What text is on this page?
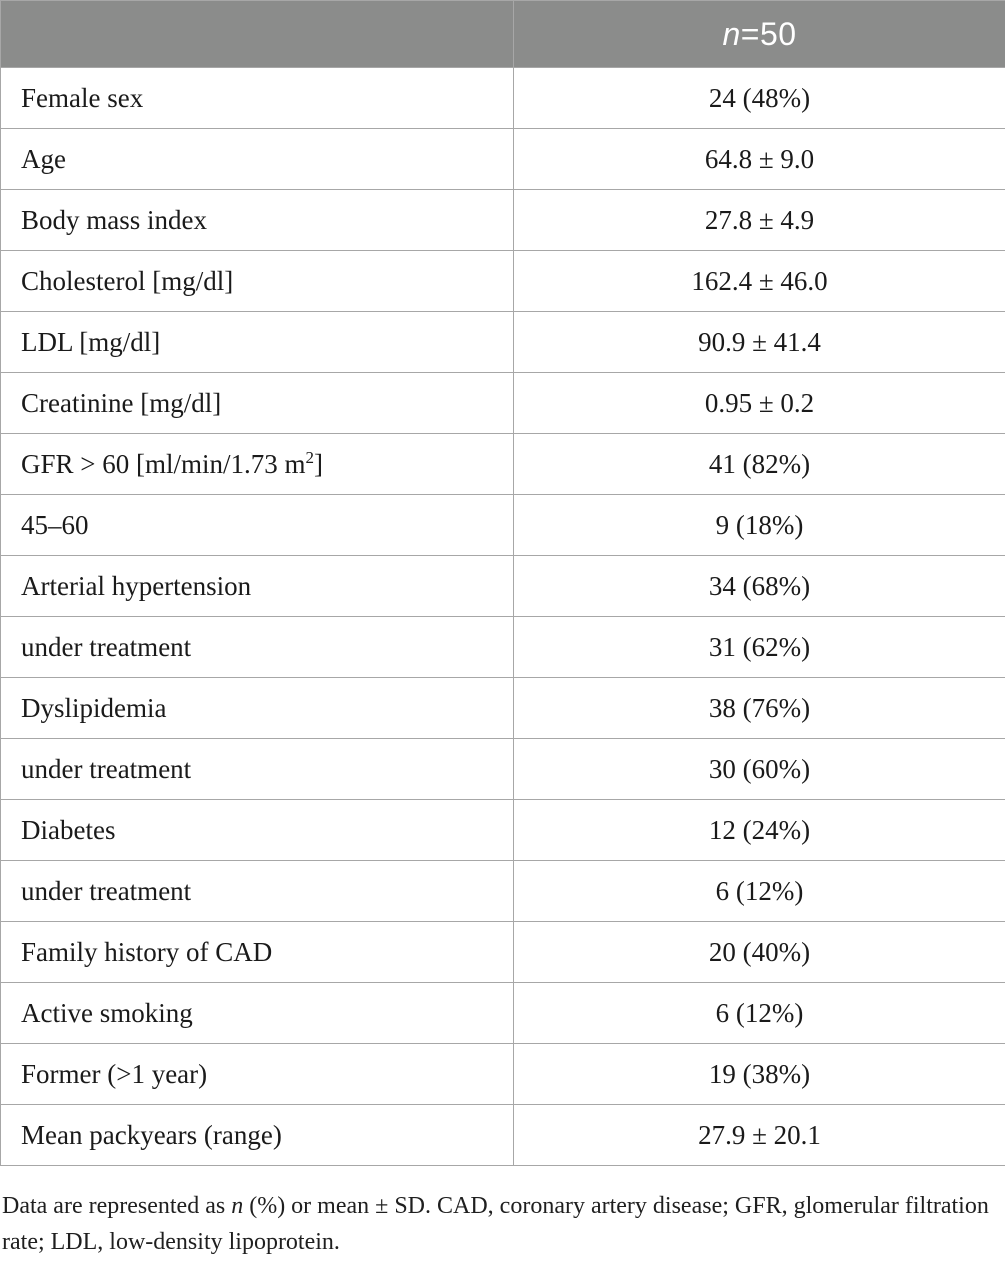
	n=50
Female sex	24 (48%)
Age	64.8 ± 9.0
Body mass index	27.8 ± 4.9
Cholesterol [mg/dl]	162.4 ± 46.0
LDL [mg/dl]	90.9 ± 41.4
Creatinine [mg/dl]	0.95 ± 0.2
GFR > 60 [ml/min/1.73 $m^2$]	41 (82%)
45–60	9 (18%)
Arterial hypertension	34 (68%)
under treatment	31 (62%)
Dyslipidemia	38 (76%)
under treatment	30 (60%)
Diabetes	12 (24%)
under treatment	6 (12%)
Family history of CAD	20 (40%)
Active smoking	6 (12%)
Former (>1 year)	19 (38%)
Mean packyears (range)	27.9 ± 20.1
Data are represented as n (%) or mean ± SD. CAD, coronary artery disease; GFR, glomerular filtration rate; LDL, low-density lipoprotein.
